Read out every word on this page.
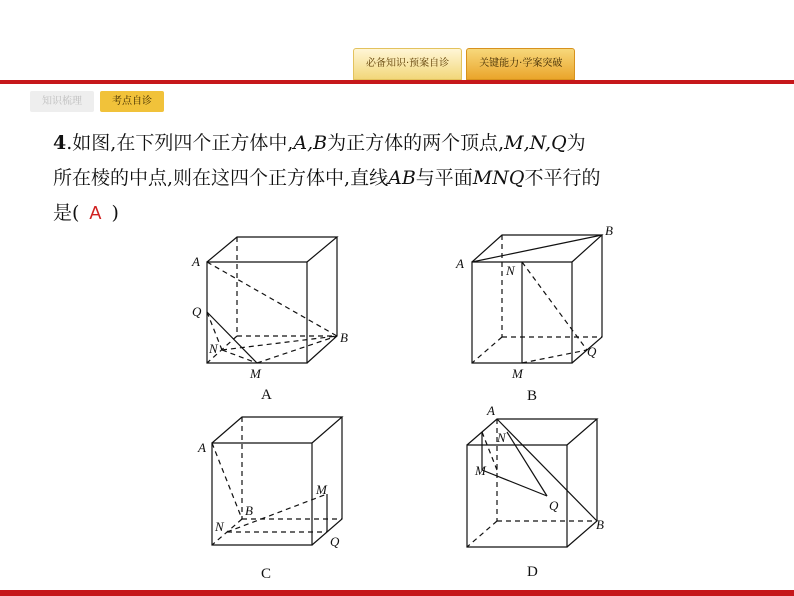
必备知识·预案自诊	关键能力·学案突破
知识梳理	考点自诊
4.如图,在下列四个正方体中,A,B为正方体的两个顶点,M,N,Q为
所在棱的中点,则在这四个正方体中,直线AB与平面MNQ不平行的
是( A )
A
B
Q
N
M
A
A
B
N
M
Q
B
A
B
N
M
Q
C
A
N
M
Q
B
D
